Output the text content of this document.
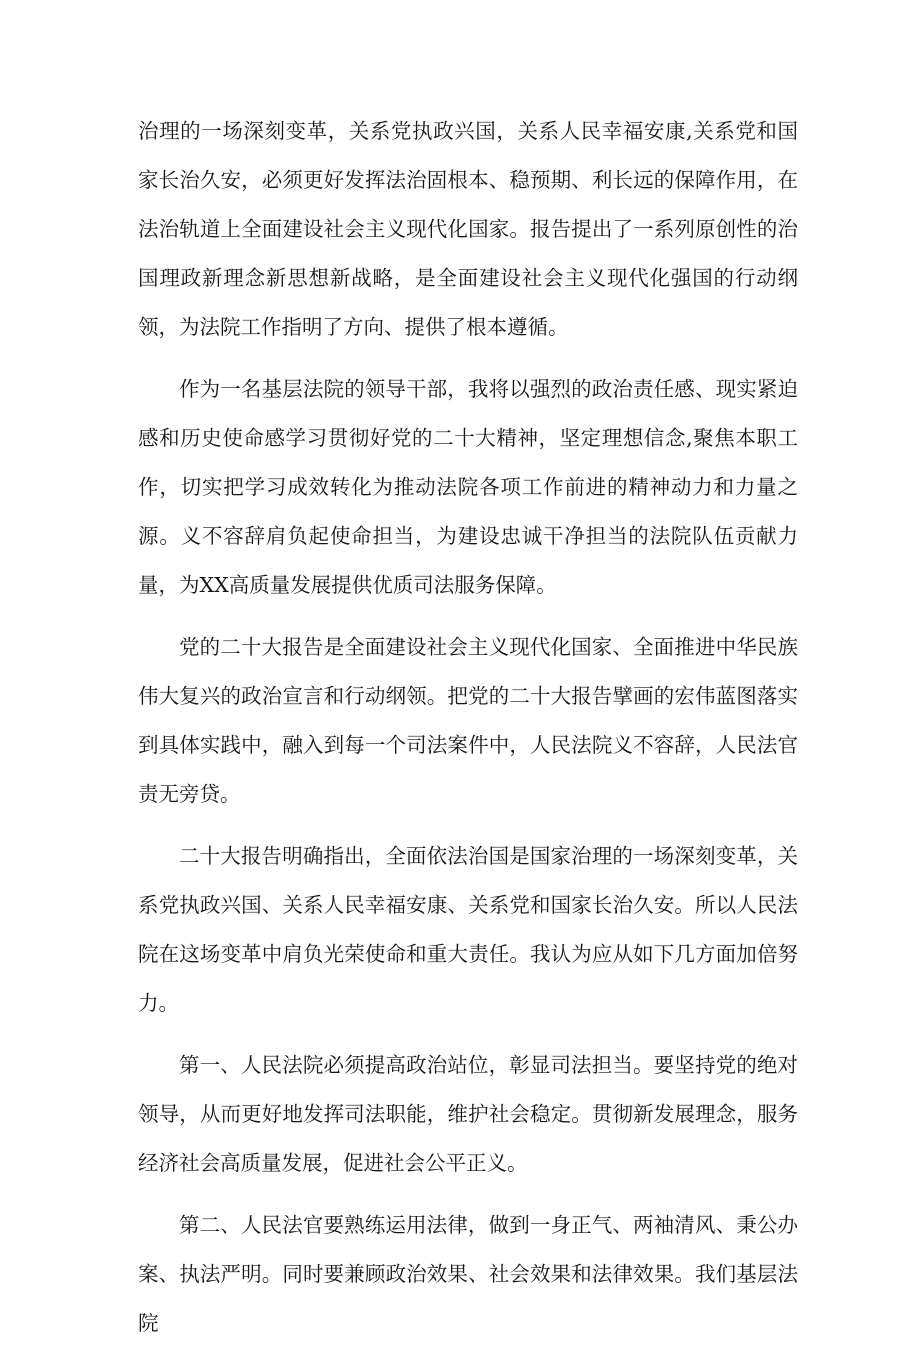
治理的一场深刻变革，关系党执政兴国，关系人民幸福安康,关系党和国家长治久安，必须更好发挥法治固根本、稳预期、利长远的保障作用，在法治轨道上全面建设社会主义现代化国家。报告提出了一系列原创性的治国理政新理念新思想新战略，是全面建设社会主义现代化强国的行动纲领，为法院工作指明了方向、提供了根本遵循。

作为一名基层法院的领导干部，我将以强烈的政治责任感、现实紧迫感和历史使命感学习贯彻好党的二十大精神，坚定理想信念,聚焦本职工作，切实把学习成效转化为推动法院各项工作前进的精神动力和力量之源。义不容辞肩负起使命担当，为建设忠诚干净担当的法院队伍贡献力量，为XX高质量发展提供优质司法服务保障。

党的二十大报告是全面建设社会主义现代化国家、全面推进中华民族伟大复兴的政治宣言和行动纲领。把党的二十大报告擘画的宏伟蓝图落实到具体实践中，融入到每一个司法案件中，人民法院义不容辞，人民法官责无旁贷。

二十大报告明确指出，全面依法治国是国家治理的一场深刻变革，关系党执政兴国、关系人民幸福安康、关系党和国家长治久安。所以人民法院在这场变革中肩负光荣使命和重大责任。我认为应从如下几方面加倍努力。

第一、人民法院必须提高政治站位，彰显司法担当。要坚持党的绝对领导，从而更好地发挥司法职能，维护社会稳定。贯彻新发展理念，服务经济社会高质量发展，促进社会公平正义。

第二、人民法官要熟练运用法律，做到一身正气、两袖清风、秉公办案、执法严明。同时要兼顾政治效果、社会效果和法律效果。我们基层法院
